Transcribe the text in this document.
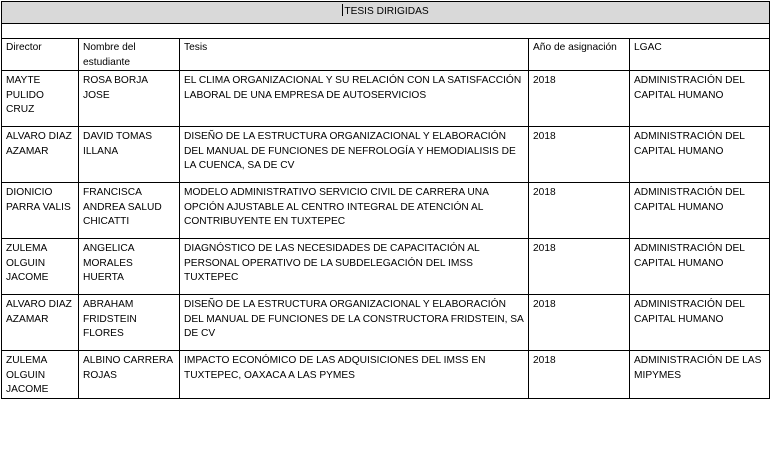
TESIS DIRIGIDAS				

Director	Nombre del estudiante	Tesis	Año de asignación	LGAC
MAYTE PULIDO CRUZ	ROSA BORJA JOSE	EL CLIMA ORGANIZACIONAL Y SU RELACIÓN CON LA SATISFACCIÓN LABORAL DE UNA EMPRESA DE AUTOSERVICIOS	2018	ADMINISTRACIÓN DEL CAPITAL HUMANO
ALVARO DIAZ AZAMAR	DAVID TOMAS ILLANA	DISEÑO DE LA ESTRUCTURA ORGANIZACIONAL Y ELABORACIÓN DEL MANUAL DE FUNCIONES DE NEFROLOGÍA Y HEMODIALISIS DE LA CUENCA, SA DE CV	2018	ADMINISTRACIÓN DEL CAPITAL HUMANO
DIONICIO PARRA VALIS	FRANCISCA ANDREA SALUD CHICATTI	MODELO ADMINISTRATIVO SERVICIO CIVIL DE CARRERA UNA OPCIÓN AJUSTABLE AL CENTRO INTEGRAL DE ATENCIÓN AL CONTRIBUYENTE EN TUXTEPEC	2018	ADMINISTRACIÓN DEL CAPITAL HUMANO
ZULEMA OLGUIN JACOME	ANGELICA MORALES HUERTA	DIAGNÓSTICO DE LAS NECESIDADES DE CAPACITACIÓN AL PERSONAL OPERATIVO DE LA SUBDELEGACIÓN DEL IMSS TUXTEPEC	2018	ADMINISTRACIÓN DEL CAPITAL HUMANO
ALVARO DIAZ AZAMAR	ABRAHAM FRIDSTEIN FLORES	DISEÑO DE LA ESTRUCTURA ORGANIZACIONAL Y ELABORACIÓN DEL MANUAL DE FUNCIONES DE LA CONSTRUCTORA FRIDSTEIN, SA DE CV	2018	ADMINISTRACIÓN DEL CAPITAL HUMANO
ZULEMA OLGUIN JACOME	ALBINO CARRERA ROJAS	IMPACTO ECONÓMICO DE LAS ADQUISICIONES DEL IMSS EN TUXTEPEC, OAXACA A LAS PYMES	2018	ADMINISTRACIÓN DE LAS MIPYMES
